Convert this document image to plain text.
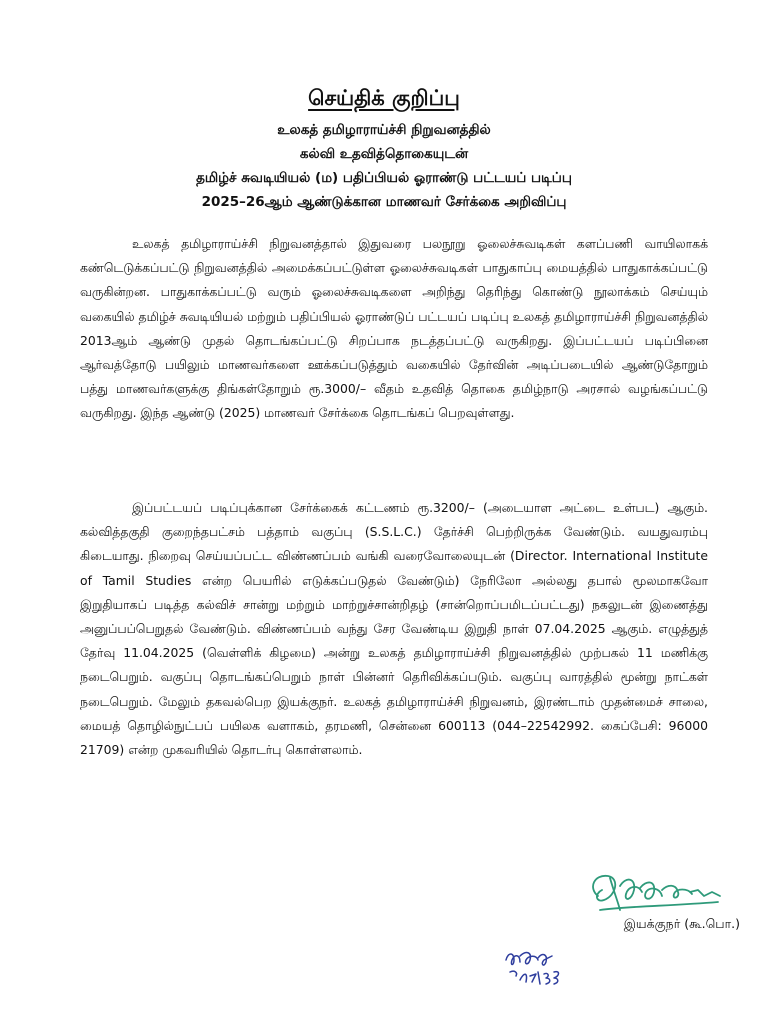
செய்திக் குறிப்பு
உலகத் தமிழாராய்ச்சி நிறுவனத்தில்
கல்வி உதவித்தொகையுடன்
தமிழ்ச் சுவடியியல் (ம) பதிப்பியல் ஓராண்டு பட்டயப் படிப்பு
2025–26ஆம் ஆண்டுக்கான மாணவர் சேர்க்கை அறிவிப்பு
உலகத் தமிழாராய்ச்சி நிறுவனத்தால் இதுவரை பலநூறு ஓலைச்சுவடிகள் களப்பணி வாயிலாகக் கண்டெடுக்கப்பட்டு நிறுவனத்தில் அமைக்கப்பட்டுள்ள ஓலைச்சுவடிகள் பாதுகாப்பு மையத்தில் பாதுகாக்கப்பட்டு வருகின்றன. பாதுகாக்கப்பட்டு வரும் ஓலைச்சுவடிகளை அறிந்து தெரிந்து கொண்டு நூலாக்கம் செய்யும் வகையில் தமிழ்ச் சுவடியியல் மற்றும் பதிப்பியல் ஓராண்டுப் பட்டயப் படிப்பு உலகத் தமிழாராய்ச்சி நிறுவனத்தில் 2013ஆம் ஆண்டு முதல் தொடங்கப்பட்டு சிறப்பாக நடத்தப்பட்டு வருகிறது. இப்பட்டயப் படிப்பினை ஆர்வத்தோடு பயிலும் மாணவர்களை ஊக்கப்படுத்தும் வகையில் தேர்வின் அடிப்படையில் ஆண்டுதோறும் பத்து மாணவர்களுக்கு திங்கள்தோறும் ரூ.3000/– வீதம் உதவித் தொகை தமிழ்நாடு அரசால் வழங்கப்பட்டு வருகிறது. இந்த ஆண்டு (2025) மாணவர் சேர்க்கை தொடங்கப் பெறவுள்ளது.
இப்பட்டயப் படிப்புக்கான சேர்க்கைக் கட்டணம் ரூ.3200/– (அடையாள அட்டை உள்பட) ஆகும். கல்வித்தகுதி குறைந்தபட்சம் பத்தாம் வகுப்பு (S.S.L.C.) தேர்ச்சி பெற்றிருக்க வேண்டும். வயதுவரம்பு கிடையாது. நிறைவு செய்யப்பட்ட விண்ணப்பம் வங்கி வரைவோலையுடன் (Director. International Institute of Tamil Studies என்ற பெயரில் எடுக்கப்படுதல் வேண்டும்) நேரிலோ அல்லது தபால் மூலமாகவோ இறுதியாகப் படித்த கல்விச் சான்று மற்றும் மாற்றுச்சான்றிதழ் (சான்றொப்பமிடப்பட்டது) நகலுடன் இணைத்து அனுப்பப்பெறுதல் வேண்டும். விண்ணப்பம் வந்து சேர வேண்டிய இறுதி நாள் 07.04.2025 ஆகும். எழுத்துத் தேர்வு 11.04.2025 (வெள்ளிக் கிழமை) அன்று உலகத் தமிழாராய்ச்சி நிறுவனத்தில் முற்பகல் 11 மணிக்கு நடைபெறும். வகுப்பு தொடங்கப்பெறும் நாள் பின்னர் தெரிவிக்கப்படும். வகுப்பு வாரத்தில் மூன்று நாட்கள் நடைபெறும். மேலும் தகவல்பெற இயக்குநர். உலகத் தமிழாராய்ச்சி நிறுவனம், இரண்டாம் முதன்மைச் சாலை, மையத் தொழில்நுட்பப் பயிலக வளாகம், தரமணி, சென்னை 600113 (044–22542992. கைப்பேசி: 96000 21709) என்ற முகவரியில் தொடர்பு கொள்ளலாம்.
இயக்குநர் (கூ.பொ.)
